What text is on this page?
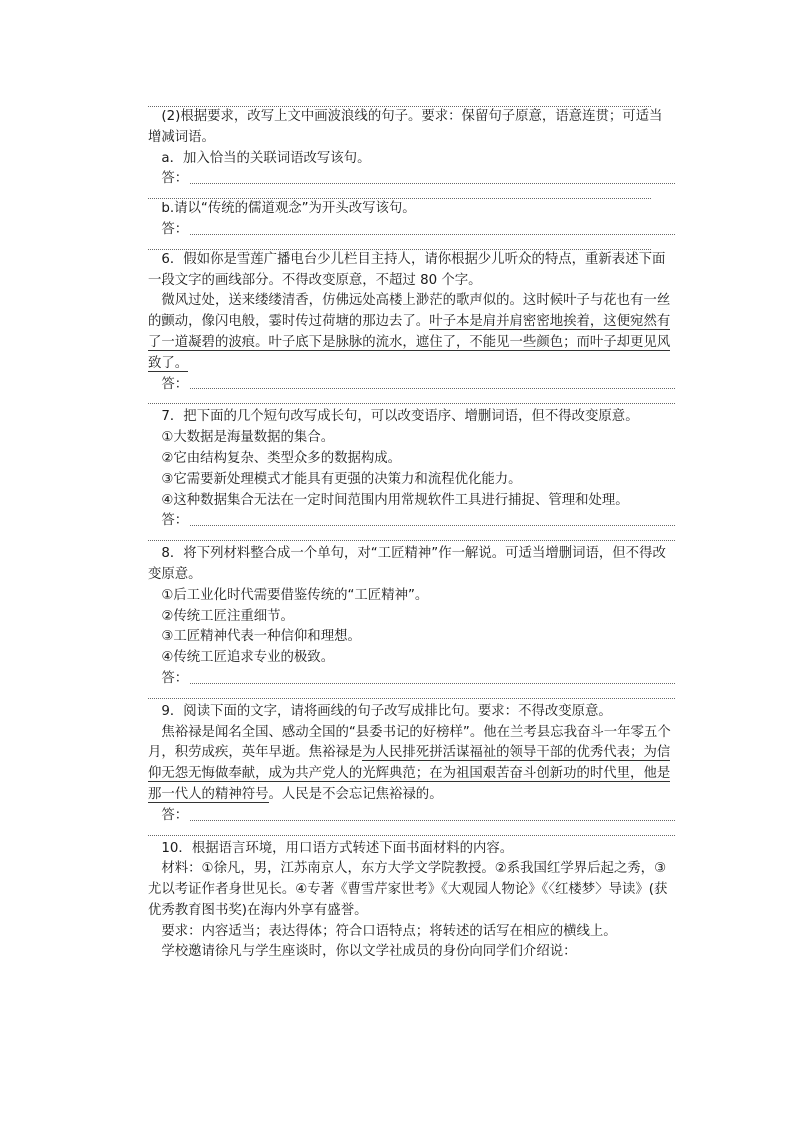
(2)根据要求，改写上文中画波浪线的句子。要求：保留句子原意，语意连贯；可适当增减词语。

a．加入恰当的关联词语改写该句。

答：

b.请以“传统的儒道观念”为开头改写该句。

答：

6．假如你是雪莲广播电台少儿栏目主持人，请你根据少儿听众的特点，重新表述下面一段文字的画线部分。不得改变原意，不超过 80 个字。

微风过处，送来缕缕清香，仿佛远处高楼上渺茫的歌声似的。这时候叶子与花也有一丝的颤动，像闪电般，霎时传过荷塘的那边去了。叶子本是肩并肩密密地挨着，这便宛然有了一道凝碧的波痕。叶子底下是脉脉的流水，遮住了，不能见一些颜色；而叶子却更见风致了。

答：

7．把下面的几个短句改写成长句，可以改变语序、增删词语，但不得改变原意。

①大数据是海量数据的集合。

②它由结构复杂、类型众多的数据构成。

③它需要新处理模式才能具有更强的决策力和流程优化能力。

④这种数据集合无法在一定时间范围内用常规软件工具进行捕捉、管理和处理。

答：

8．将下列材料整合成一个单句，对“工匠精神”作一解说。可适当增删词语，但不得改变原意。

①后工业化时代需要借鉴传统的“工匠精神”。

②传统工匠注重细节。

③工匠精神代表一种信仰和理想。

④传统工匠追求专业的极致。

答：

9．阅读下面的文字，请将画线的句子改写成排比句。要求：不得改变原意。

焦裕禄是闻名全国、感动全国的“县委书记的好榜样”。他在兰考县忘我奋斗一年零五个月，积劳成疾，英年早逝。焦裕禄是为人民排死拼活谋福祉的领导干部的优秀代表；为信仰无怨无悔做奉献，成为共产党人的光辉典范；在为祖国艰苦奋斗创新功的时代里，他是那一代人的精神符号。人民是不会忘记焦裕禄的。

答：

10．根据语言环境，用口语方式转述下面书面材料的内容。

材料：①徐凡，男，江苏南京人，东方大学文学院教授。②系我国红学界后起之秀，③尤以考证作者身世见长。④专著《曹雪芹家世考》《大观园人物论》《〈红楼梦〉导读》(获优秀教育图书奖)在海内外享有盛誉。

要求：内容适当；表达得体；符合口语特点；将转述的话写在相应的横线上。

学校邀请徐凡与学生座谈时，你以文学社成员的身份向同学们介绍说：
